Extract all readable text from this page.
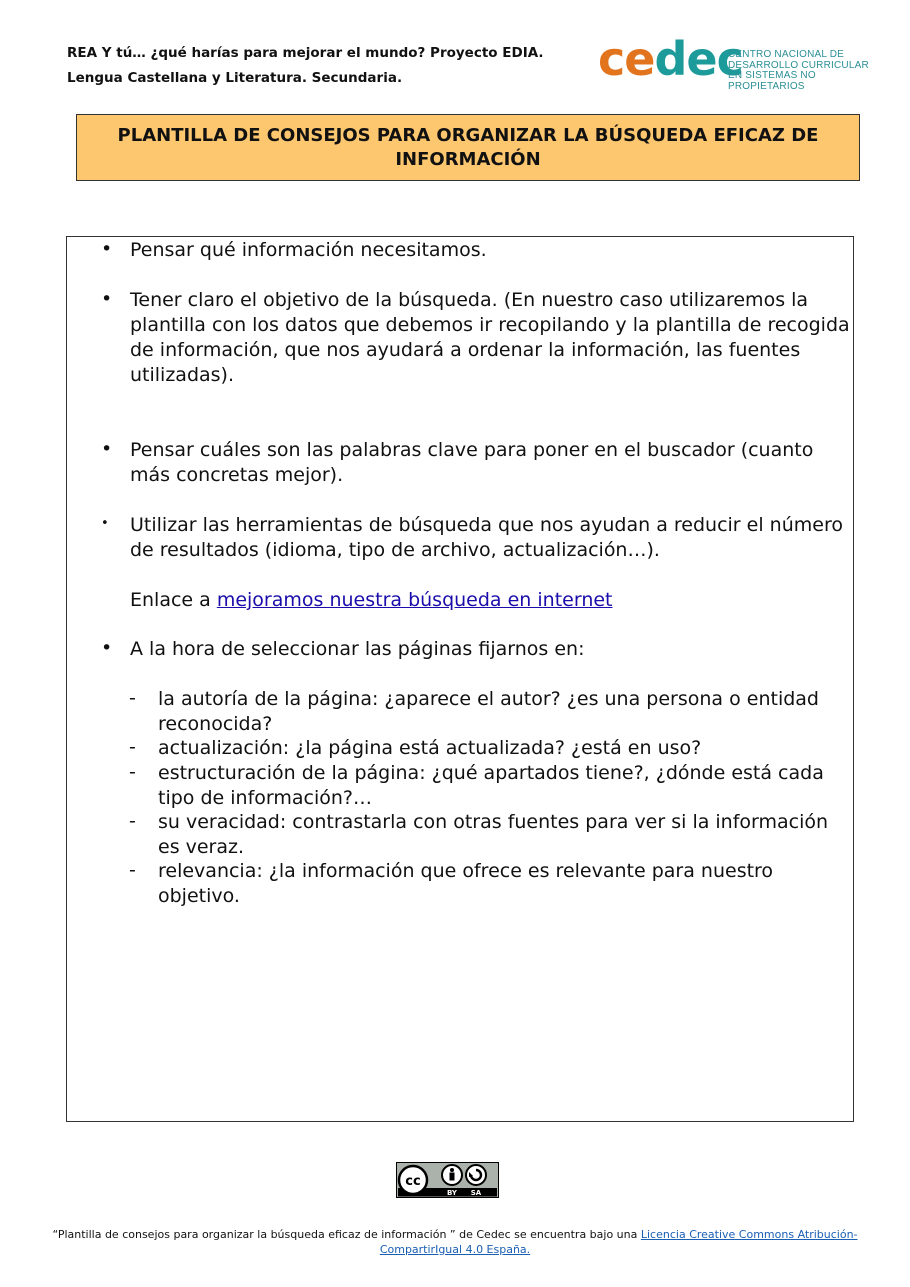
REA Y tú… ¿qué harías para mejorar el mundo? Proyecto EDIA.
Lengua Castellana y Literatura. Secundaria.	cedec
CENTRO NACIONAL DE
DESARROLLO CURRICULAR
EN SISTEMAS NO PROPIETARIOS
PLANTILLA DE CONSEJOS PARA ORGANIZAR LA BÚSQUEDA EFICAZ DE INFORMACIÓN
• Pensar qué información necesitamos.
• Tener claro el objetivo de la búsqueda. (En nuestro caso utilizaremos la plantilla con los datos que debemos ir recopilando y la plantilla de recogida de información, que nos ayudará a ordenar la información, las fuentes utilizadas).
• Pensar cuáles son las palabras clave para poner en el buscador (cuanto más concretas mejor).
• Utilizar las herramientas de búsqueda que nos ayudan a reducir el número de resultados (idioma, tipo de archivo, actualización…).
Enlace a mejoramos nuestra búsqueda en internet
• A la hora de seleccionar las páginas fijarnos en:
- la autoría de la página: ¿aparece el autor? ¿es una persona o entidad reconocida?
- actualización: ¿la página está actualizada? ¿está en uso?
- estructuración de la página: ¿qué apartados tiene?, ¿dónde está cada tipo de información?…
- su veracidad: contrastarla con otras fuentes para ver si la información es veraz.
- relevancia: ¿la información que ofrece es relevante para nuestro objetivo.
cc
BY SA
“Plantilla de consejos para organizar la búsqueda eficaz de información ” de Cedec se encuentra bajo una Licencia Creative Commons Atribución-CompartirIgual 4.0 España.
